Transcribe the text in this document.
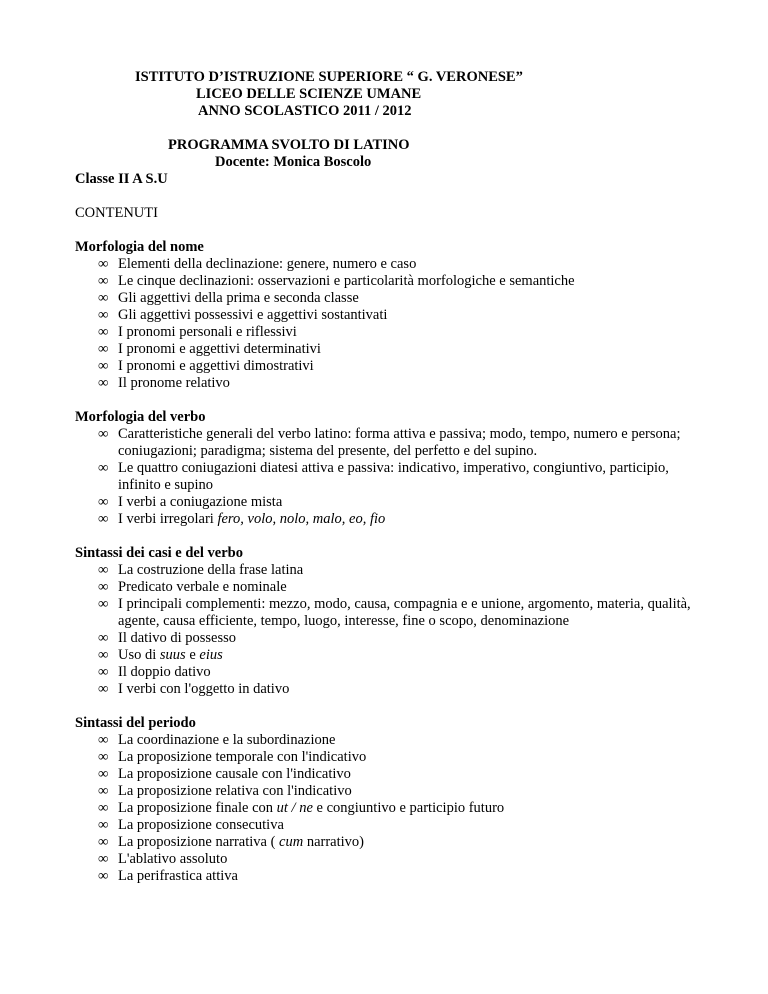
ISTITUTO D’ISTRUZIONE SUPERIORE “ G. VERONESE”
LICEO DELLE SCIENZE UMANE
ANNO SCOLASTICO 2011 / 2012
PROGRAMMA SVOLTO DI LATINO
Docente: Monica Boscolo
Classe II A S.U
CONTENUTI
Morfologia del nome
∞ Elementi della declinazione: genere, numero e caso
∞ Le cinque declinazioni: osservazioni e particolarità morfologiche e semantiche
∞ Gli aggettivi della prima e seconda classe
∞ Gli aggettivi possessivi e aggettivi sostantivati
∞ I pronomi personali e riflessivi
∞ I pronomi e aggettivi determinativi
∞ I pronomi e aggettivi dimostrativi
∞ Il pronome relativo
Morfologia del verbo
∞ Caratteristiche generali del verbo latino: forma attiva e passiva; modo, tempo, numero e persona; coniugazioni; paradigma; sistema del presente, del perfetto e del supino.
∞ Le quattro coniugazioni diatesi attiva e passiva: indicativo, imperativo, congiuntivo, participio, infinito e supino
∞ I verbi a coniugazione mista
∞ I verbi irregolari fero, volo, nolo, malo, eo, fio
Sintassi dei casi e del verbo
∞ La costruzione della frase latina
∞ Predicato verbale e nominale
∞ I principali complementi: mezzo, modo, causa, compagnia e e unione, argomento, materia, qualità, agente, causa efficiente, tempo, luogo, interesse, fine o scopo, denominazione
∞ Il dativo di possesso
∞ Uso di suus e eius
∞ Il doppio dativo
∞ I verbi con l'oggetto in dativo
Sintassi del periodo
∞ La coordinazione e la subordinazione
∞ La proposizione temporale con l'indicativo
∞ La proposizione causale con l'indicativo
∞ La proposizione relativa con l'indicativo
∞ La proposizione finale con ut / ne e congiuntivo e participio futuro
∞ La proposizione consecutiva
∞ La proposizione narrativa ( cum narrativo)
∞ L'ablativo assoluto
∞ La perifrastica attiva
